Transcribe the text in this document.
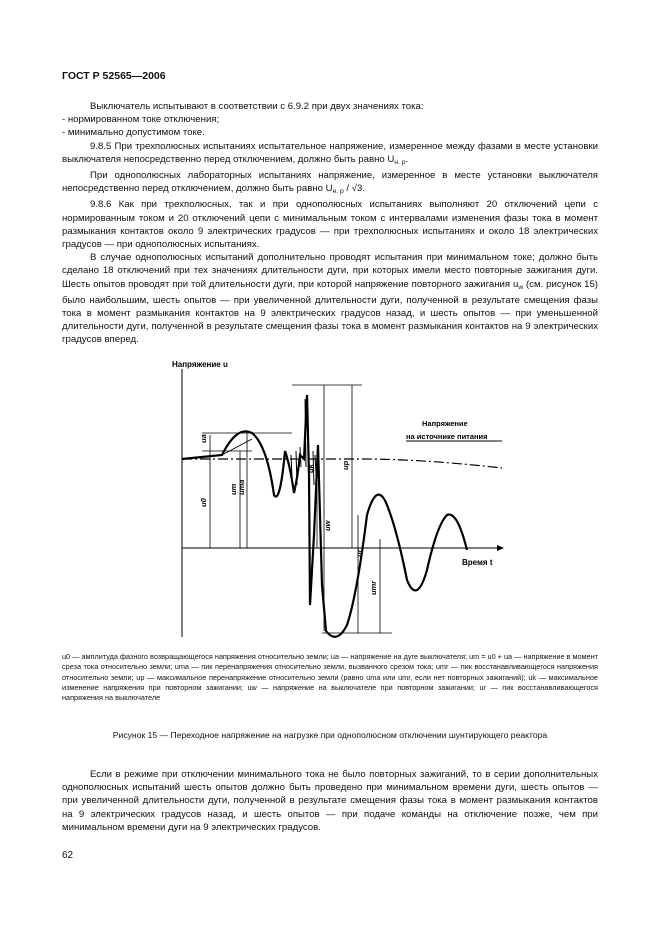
ГОСТ Р 52565—2006

Выключатель испытывают в соответствии с 6.9.2 при двух значениях тока:

- нормированном токе отключения;

- минимально допустимом токе.

9.8.5 При трехполюсных испытаниях испытательное напряжение, измеренное между фазами в месте установки выключателя непосредственно перед отключением, должно быть равно $U_{н. р}$.

При однополюсных лабораторных испытаниях напряжение, измеренное в месте установки выключателя непосредственно перед отключением, должно быть равно $U_{н. р} / √3$.

9.8.6 Как при трехполюсных, так и при однополюсных испытаниях выполняют 20 отключений цепи с нормированным током и 20 отключений цепи с минимальным током с интервалами изменения фазы тока в момент размыкания контактов около 9 электрических градусов — при трехполюсных испытаниях и около 18 электрических градусов — при однополюсных испытаниях.

В случае однополюсных испытаний дополнительно проводят испытания при минимальном токе; должно быть сделано 18 отключений при тех значениях длительности дуги, при которых имели место повторные зажигания дуги. Шесть опытов проводят при той длительности дуги, при которой напряжение повторного зажигания $u_w$ (см. рисунок 15) было наибольшим, шесть опытов — при увеличенной длительности дуги, полученной в результате смещения фазы тока в момент размыкания контактов на 9 электрических градусов назад, и шесть опытов — при уменьшенной длительности дуги, полученной в результате смещения фазы тока в момент размыкания контактов на 9 электрических градусов вперед.

Напряжение u
Время t
Напряжение
на источнике питания
uа
u0
um uma
uk	up
uw
ur
umr
u0 — амплитуда фазного возвращающегося напряжения относительно земли; ua — напряжение на дуге выключателя; um = u0 + ua — напряжение в момент среза тока относительно земли; uma — пик перенапряжения относительно земли, вызванного срезом тока; umr — пик восстанавливающегося напряжения относительно земли; up — максимальное перенапряжение относительно земли (равно uma или umr, если нет повторных зажиганий); uk — максимальное изменение напряжения при повторном зажигании; uw — напряжение на выключателе при повторном зажигании; ur — пик восстанавливающегося напряжения на выключателе
Рисунок 15 — Переходное напряжение на нагрузке при однополюсном отключении шунтирующего реактора

Если в режиме при отключении минимального тока не было повторных зажиганий, то в серии дополнительных однополюсных испытаний шесть опытов должно быть проведено при минимальном времени дуги, шесть опытов — при увеличенной длительности дуги, полученной в результате смещения фазы тока в момент размыкания контактов на 9 электрических градусов назад, и шесть опытов — при подаче команды на отключение позже, чем при минимальном времени дуги на 9 электрических градусов.

62
